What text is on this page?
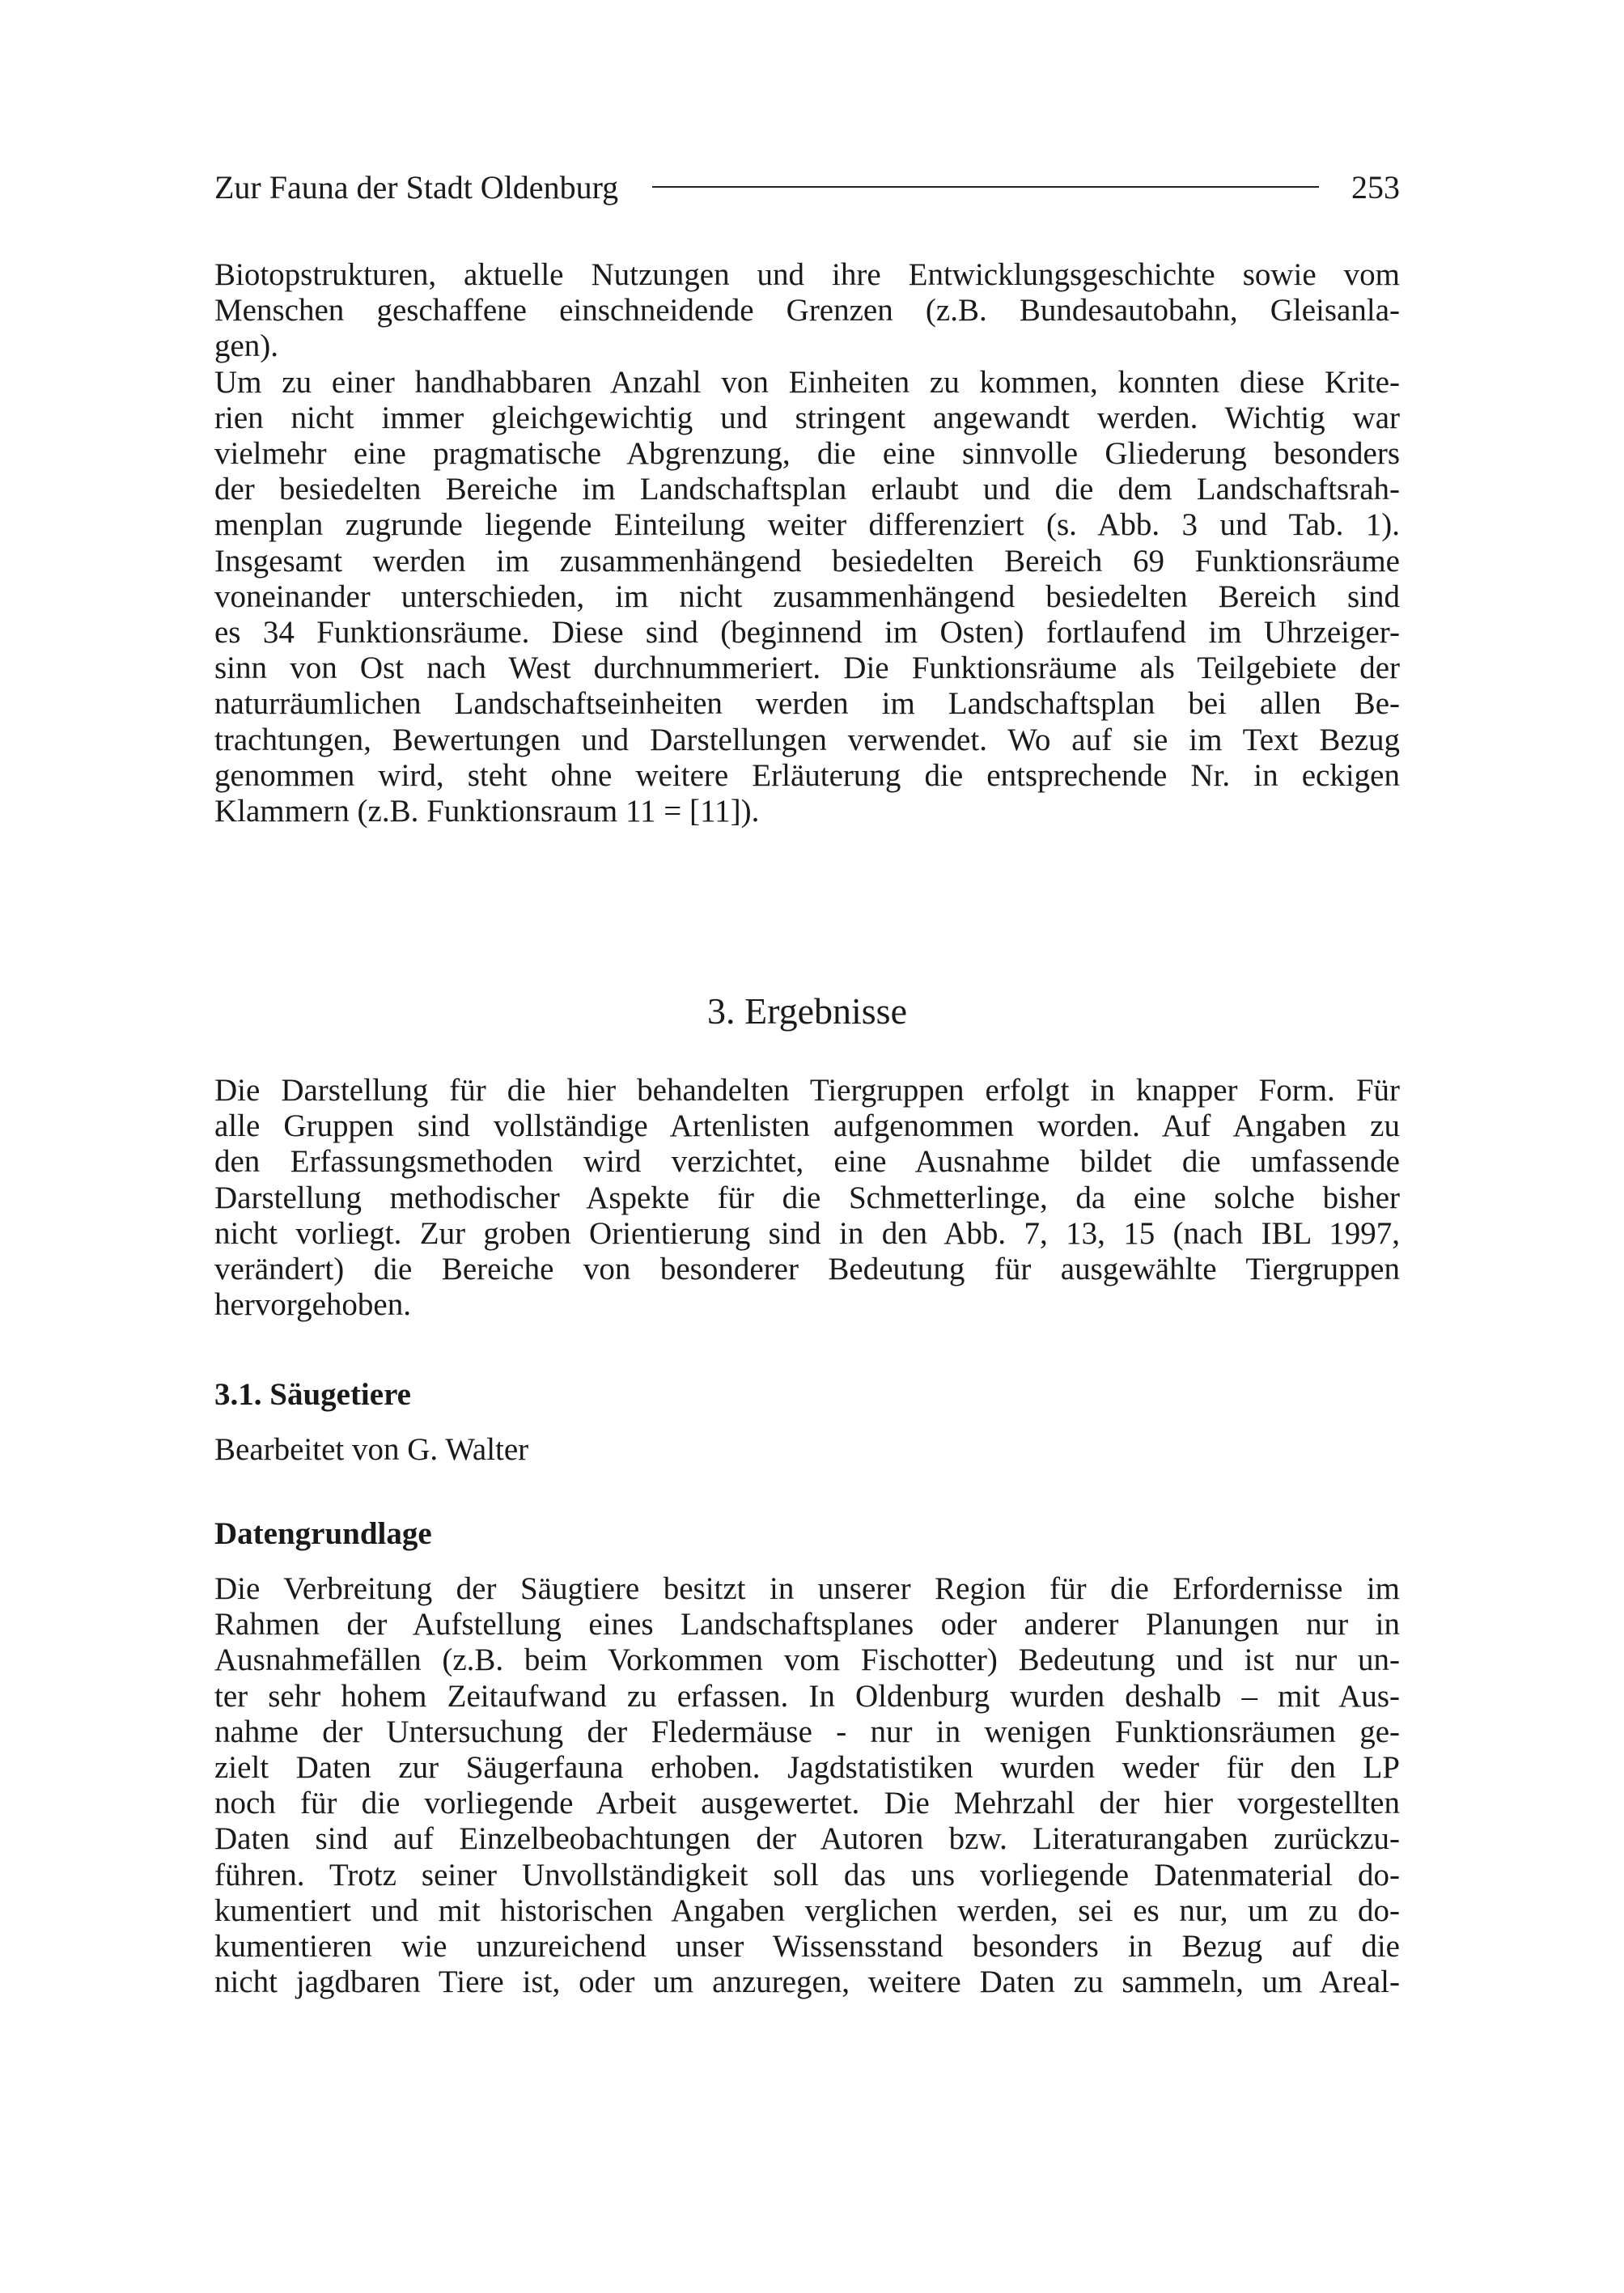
Zur Fauna der Stadt Oldenburg	253
Biotopstrukturen, aktuelle Nutzungen und ihre Entwicklungsgeschichte sowie vom
Menschen geschaffene einschneidende Grenzen (z.B. Bundesautobahn, Gleisanla-
gen).
Um zu einer handhabbaren Anzahl von Einheiten zu kommen, konnten diese Krite-
rien nicht immer gleichgewichtig und stringent angewandt werden. Wichtig war
vielmehr eine pragmatische Abgrenzung, die eine sinnvolle Gliederung besonders
der besiedelten Bereiche im Landschaftsplan erlaubt und die dem Landschaftsrah-
menplan zugrunde liegende Einteilung weiter differenziert (s. Abb. 3 und Tab. 1).
Insgesamt werden im zusammenhängend besiedelten Bereich 69 Funktionsräume
voneinander unterschieden, im nicht zusammenhängend besiedelten Bereich sind
es 34 Funktionsräume. Diese sind (beginnend im Osten) fortlaufend im Uhrzeiger-
sinn von Ost nach West durchnummeriert. Die Funktionsräume als Teilgebiete der
naturräumlichen Landschaftseinheiten werden im Landschaftsplan bei allen Be-
trachtungen, Bewertungen und Darstellungen verwendet. Wo auf sie im Text Bezug
genommen wird, steht ohne weitere Erläuterung die entsprechende Nr. in eckigen
Klammern (z.B. Funktionsraum 11 = [11]).
3. Ergebnisse
Die Darstellung für die hier behandelten Tiergruppen erfolgt in knapper Form. Für
alle Gruppen sind vollständige Artenlisten aufgenommen worden. Auf Angaben zu
den Erfassungsmethoden wird verzichtet, eine Ausnahme bildet die umfassende
Darstellung methodischer Aspekte für die Schmetterlinge, da eine solche bisher
nicht vorliegt. Zur groben Orientierung sind in den Abb. 7, 13, 15 (nach IBL 1997,
verändert) die Bereiche von besonderer Bedeutung für ausgewählte Tiergruppen
hervorgehoben.
3.1. Säugetiere
Bearbeitet von G. Walter
Datengrundlage
Die Verbreitung der Säugtiere besitzt in unserer Region für die Erfordernisse im
Rahmen der Aufstellung eines Landschaftsplanes oder anderer Planungen nur in
Ausnahmefällen (z.B. beim Vorkommen vom Fischotter) Bedeutung und ist nur un-
ter sehr hohem Zeitaufwand zu erfassen. In Oldenburg wurden deshalb – mit Aus-
nahme der Untersuchung der Fledermäuse - nur in wenigen Funktionsräumen ge-
zielt Daten zur Säugerfauna erhoben. Jagdstatistiken wurden weder für den LP
noch für die vorliegende Arbeit ausgewertet. Die Mehrzahl der hier vorgestellten
Daten sind auf Einzelbeobachtungen der Autoren bzw. Literaturangaben zurückzu-
führen. Trotz seiner Unvollständigkeit soll das uns vorliegende Datenmaterial do-
kumentiert und mit historischen Angaben verglichen werden, sei es nur, um zu do-
kumentieren wie unzureichend unser Wissensstand besonders in Bezug auf die
nicht jagdbaren Tiere ist, oder um anzuregen, weitere Daten zu sammeln, um Areal-
